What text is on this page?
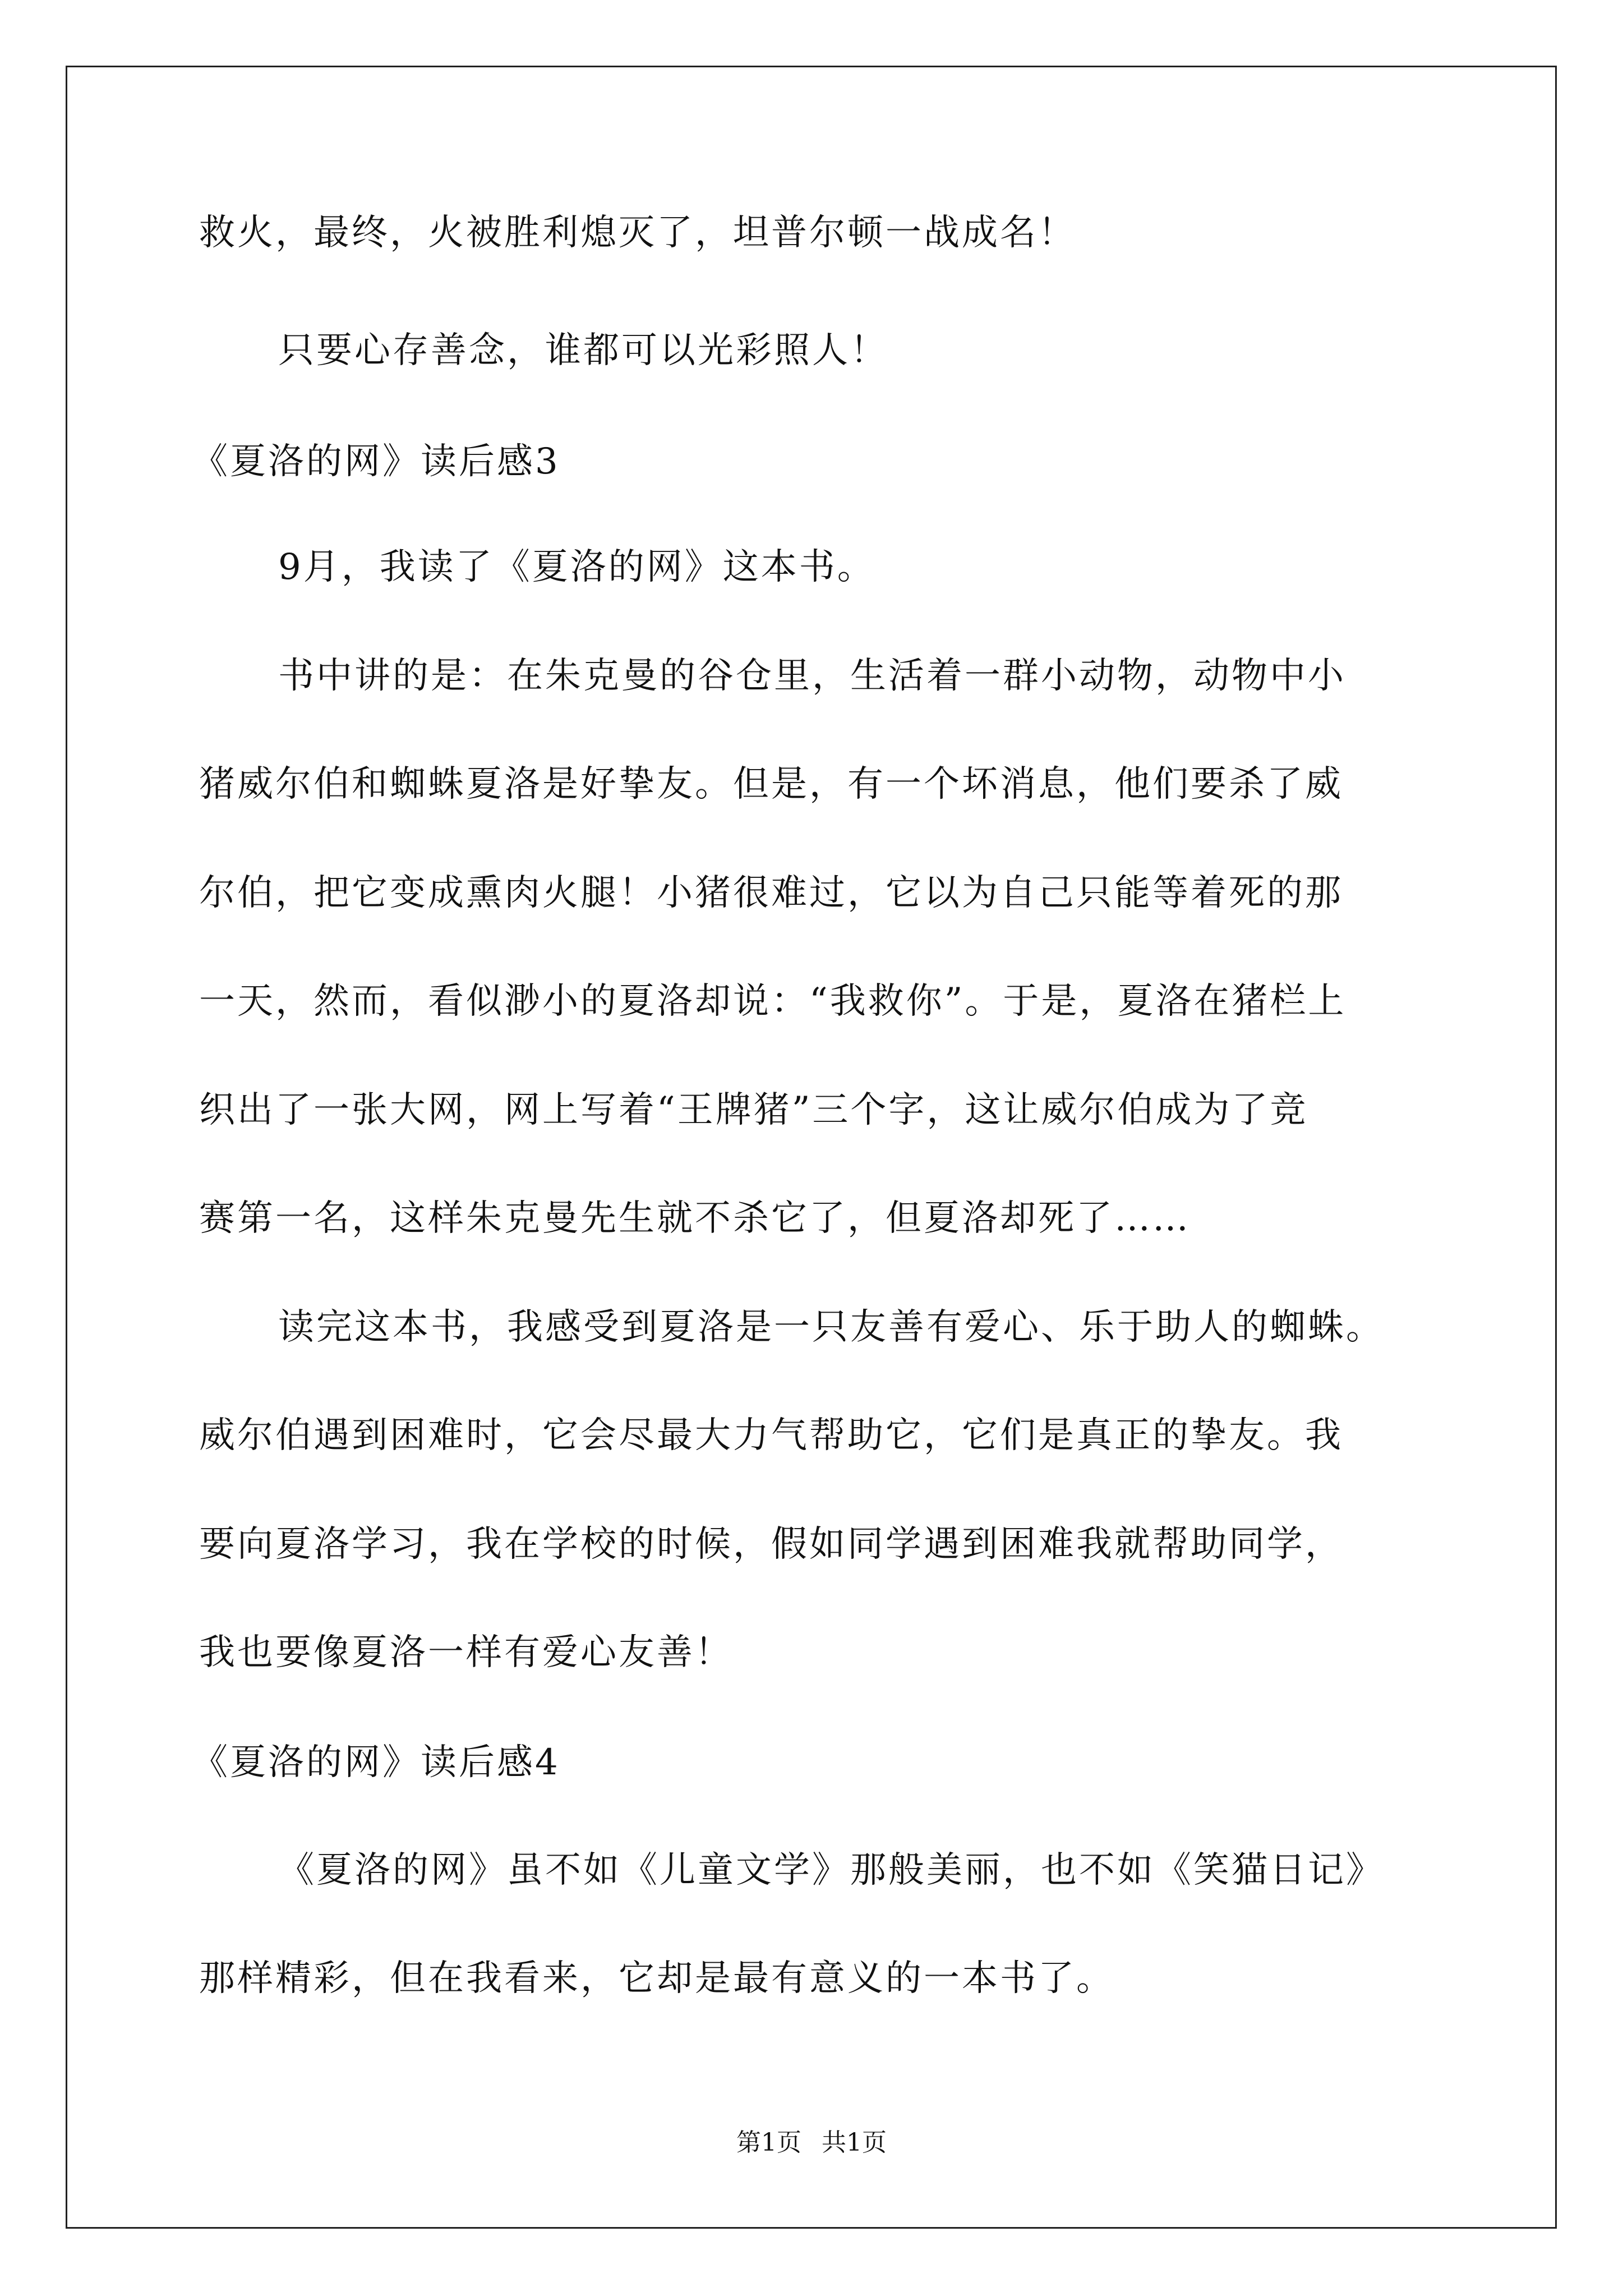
救火，最终，火被胜利熄灭了，坦普尔顿一战成名！
只要心存善念，谁都可以光彩照人！
《夏洛的网》读后感3
9月，我读了《夏洛的网》这本书。
书中讲的是：在朱克曼的谷仓里，生活着一群小动物，动物中小
猪威尔伯和蜘蛛夏洛是好挚友。但是，有一个坏消息，他们要杀了威
尔伯，把它变成熏肉火腿！小猪很难过，它以为自己只能等着死的那
一天，然而，看似渺小的夏洛却说：“我救你”。于是，夏洛在猪栏上
织出了一张大网，网上写着“王牌猪”三个字，这让威尔伯成为了竞
赛第一名，这样朱克曼先生就不杀它了，但夏洛却死了……
读完这本书，我感受到夏洛是一只友善有爱心、乐于助人的蜘蛛。
威尔伯遇到困难时，它会尽最大力气帮助它，它们是真正的挚友。我
要向夏洛学习，我在学校的时候，假如同学遇到困难我就帮助同学，
我也要像夏洛一样有爱心友善！
《夏洛的网》读后感4
《夏洛的网》虽不如《儿童文学》那般美丽，也不如《笑猫日记》
那样精彩，但在我看来，它却是最有意义的一本书了。
第1页 共1页
